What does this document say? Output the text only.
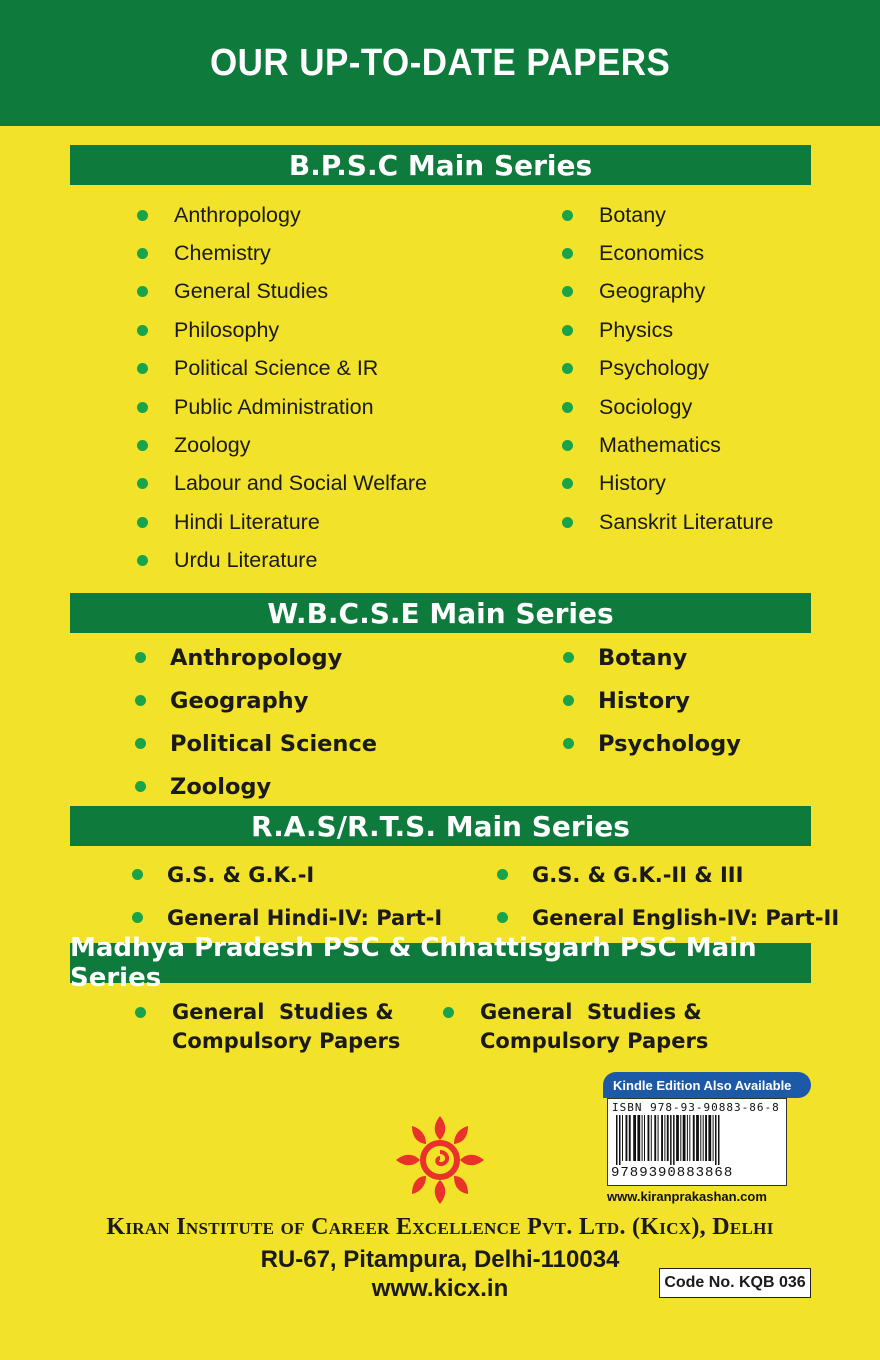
OUR UP-TO-DATE PAPERS
B.P.S.C Main Series
Anthropology
Chemistry
General Studies
Philosophy
Political Science & IR
Public Administration
Zoology
Labour and Social Welfare
Hindi Literature
Urdu Literature
Botany
Economics
Geography
Physics
Psychology
Sociology
Mathematics
History
Sanskrit Literature
W.B.C.S.E Main Series
Anthropology
Geography
Political Science
Zoology
Botany
History
Psychology
R.A.S/R.T.S. Main Series
G.S. & G.K.-I
General Hindi-IV: Part-I
G.S. & G.K.-II & III
General English-IV: Part-II
Madhya Pradesh PSC & Chhattisgarh PSC Main Series
General  Studies &
Compulsory Papers
General  Studies &
Compulsory Papers
Kindle Edition Also Available
ISBN 978-93-90883-86-8
9789390883868
www.kiranprakashan.com
Kiran Institute of Career Excellence Pvt. Ltd. (Kicx), Delhi
RU-67, Pitampura, Delhi-110034
www.kicx.in	Code No. KQB 036
